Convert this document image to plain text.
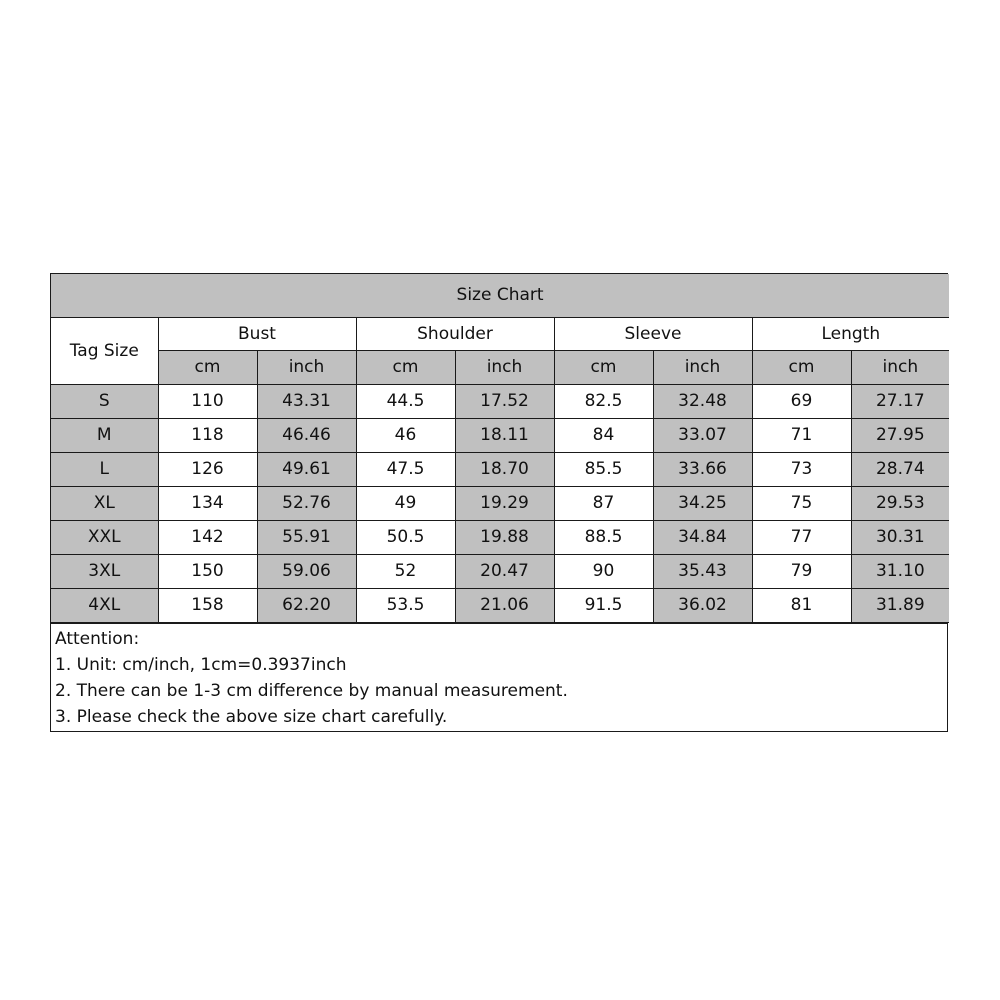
Size Chart								
Tag Size	Bust		Shoulder		Sleeve		Length	
	cm	inch	cm	inch	cm	inch	cm	inch
S	110	43.31	44.5	17.52	82.5	32.48	69	27.17
M	118	46.46	46	18.11	84	33.07	71	27.95
L	126	49.61	47.5	18.70	85.5	33.66	73	28.74
XL	134	52.76	49	19.29	87	34.25	75	29.53
XXL	142	55.91	50.5	19.88	88.5	34.84	77	30.31
3XL	150	59.06	52	20.47	90	35.43	79	31.10
4XL	158	62.20	53.5	21.06	91.5	36.02	81	31.89
Attention:
1. Unit: cm/inch, 1cm=0.3937inch
2. There can be 1-3 cm difference by manual measurement.
3. Please check the above size chart carefully.
